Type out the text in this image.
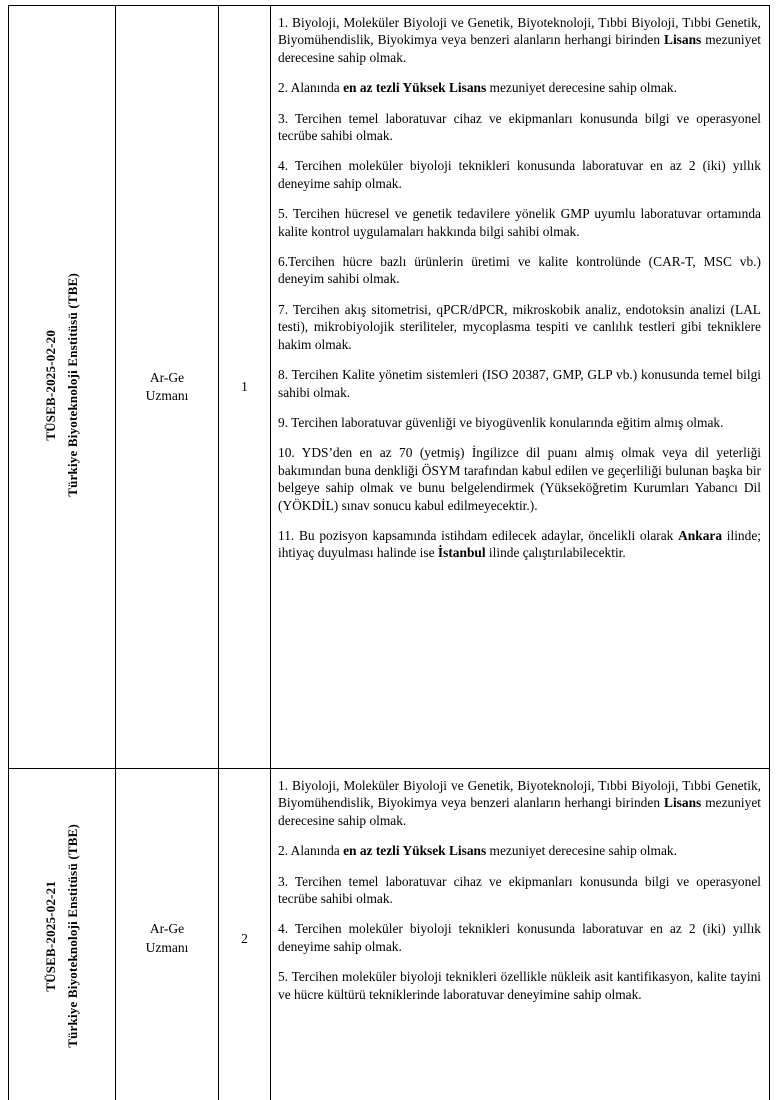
TÜSEB-2025-02-20 Türkiye Biyoteknoloji Enstitüsü (TBE)	Ar-Ge Uzmanı	1	

1. Biyoloji, Moleküler Biyoloji ve Genetik, Biyoteknoloji, Tıbbi Biyoloji, Tıbbi Genetik, Biyomühendislik, Biyokimya veya benzeri alanların herhangi birinden Lisans mezuniyet derecesine sahip olmak.

2. Alanında en az tezli Yüksek Lisans mezuniyet derecesine sahip olmak.

3. Tercihen temel laboratuvar cihaz ve ekipmanları konusunda bilgi ve operasyonel tecrübe sahibi olmak.

4. Tercihen moleküler biyoloji teknikleri konusunda laboratuvar en az 2 (iki) yıllık deneyime sahip olmak.

5. Tercihen hücresel ve genetik tedavilere yönelik GMP uyumlu laboratuvar ortamında kalite kontrol uygulamaları hakkında bilgi sahibi olmak.

6.Tercihen hücre bazlı ürünlerin üretimi ve kalite kontrolünde (CAR-T, MSC vb.) deneyim sahibi olmak.

7. Tercihen akış sitometrisi, qPCR/dPCR, mikroskobik analiz, endotoksin analizi (LAL testi), mikrobiyolojik steriliteler, mycoplasma tespiti ve canlılık testleri gibi tekniklere hakim olmak.

8. Tercihen Kalite yönetim sistemleri (ISO 20387, GMP, GLP vb.) konusunda temel bilgi sahibi olmak.

9. Tercihen laboratuvar güvenliği ve biyogüvenlik konularında eğitim almış olmak.

10. YDS’den en az 70 (yetmiş) İngilizce dil puanı almış olmak veya dil yeterliği bakımından buna denkliği ÖSYM tarafından kabul edilen ve geçerliliği bulunan başka bir belgeye sahip olmak ve bunu belgelendirmek (Yükseköğretim Kurumları Yabancı Dil (YÖKDİL) sınav sonucu kabul edilmeyecektir.).

11. Bu pozisyon kapsamında istihdam edilecek adaylar, öncelikli olarak Ankara ilinde; ihtiyaç duyulması halinde ise İstanbul ilinde çalıştırılabilecektir.

TÜSEB-2025-02-21 Türkiye Biyoteknoloji Enstitüsü (TBE)	Ar-Ge Uzmanı	2	

1. Biyoloji, Moleküler Biyoloji ve Genetik, Biyoteknoloji, Tıbbi Biyoloji, Tıbbi Genetik, Biyomühendislik, Biyokimya veya benzeri alanların herhangi birinden Lisans mezuniyet derecesine sahip olmak.

2. Alanında en az tezli Yüksek Lisans mezuniyet derecesine sahip olmak.

3. Tercihen temel laboratuvar cihaz ve ekipmanları konusunda bilgi ve operasyonel tecrübe sahibi olmak.

4. Tercihen moleküler biyoloji teknikleri konusunda laboratuvar en az 2 (iki) yıllık deneyime sahip olmak.

5. Tercihen moleküler biyoloji teknikleri özellikle nükleik asit kantifikasyon, kalite tayini ve hücre kültürü tekniklerinde laboratuvar deneyimine sahip olmak.
